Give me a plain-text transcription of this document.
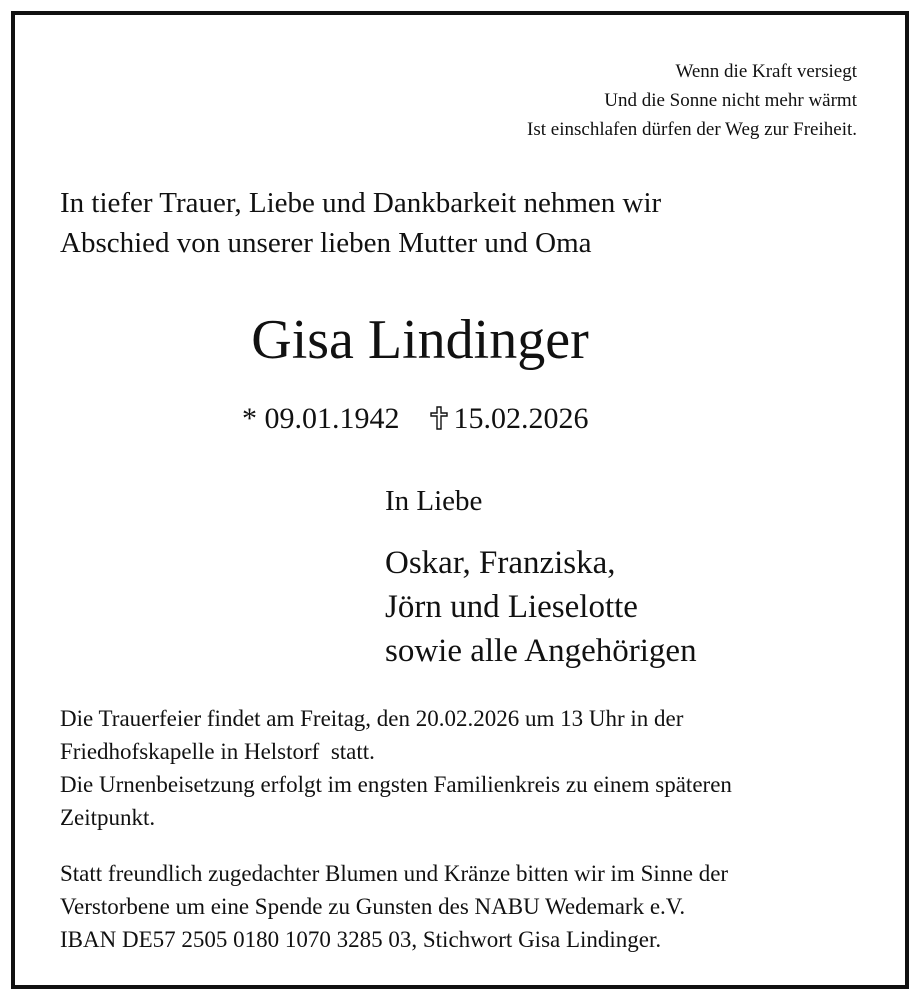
Wenn die Kraft versiegt
Und die Sonne nicht mehr wärmt
Ist einschlafen dürfen der Weg zur Freiheit.
In tiefer Trauer, Liebe und Dankbarkeit nehmen wir
Abschied von unserer lieben Mutter und Oma
Gisa Lindinger
* 09.01.1942 15.02.2026
In Liebe
Oskar, Franziska,
Jörn und Lieselotte
sowie alle Angehörigen
Die Trauerfeier findet am Freitag, den 20.02.2026 um 13 Uhr in der
Friedhofskapelle in Helstorf  statt.
Die Urnenbeisetzung erfolgt im engsten Familienkreis zu einem späteren
Zeitpunkt.
Statt freundlich zugedachter Blumen und Kränze bitten wir im Sinne der
Verstorbene um eine Spende zu Gunsten des NABU Wedemark e.V.
IBAN DE57 2505 0180 1070 3285 03, Stichwort Gisa Lindinger.
